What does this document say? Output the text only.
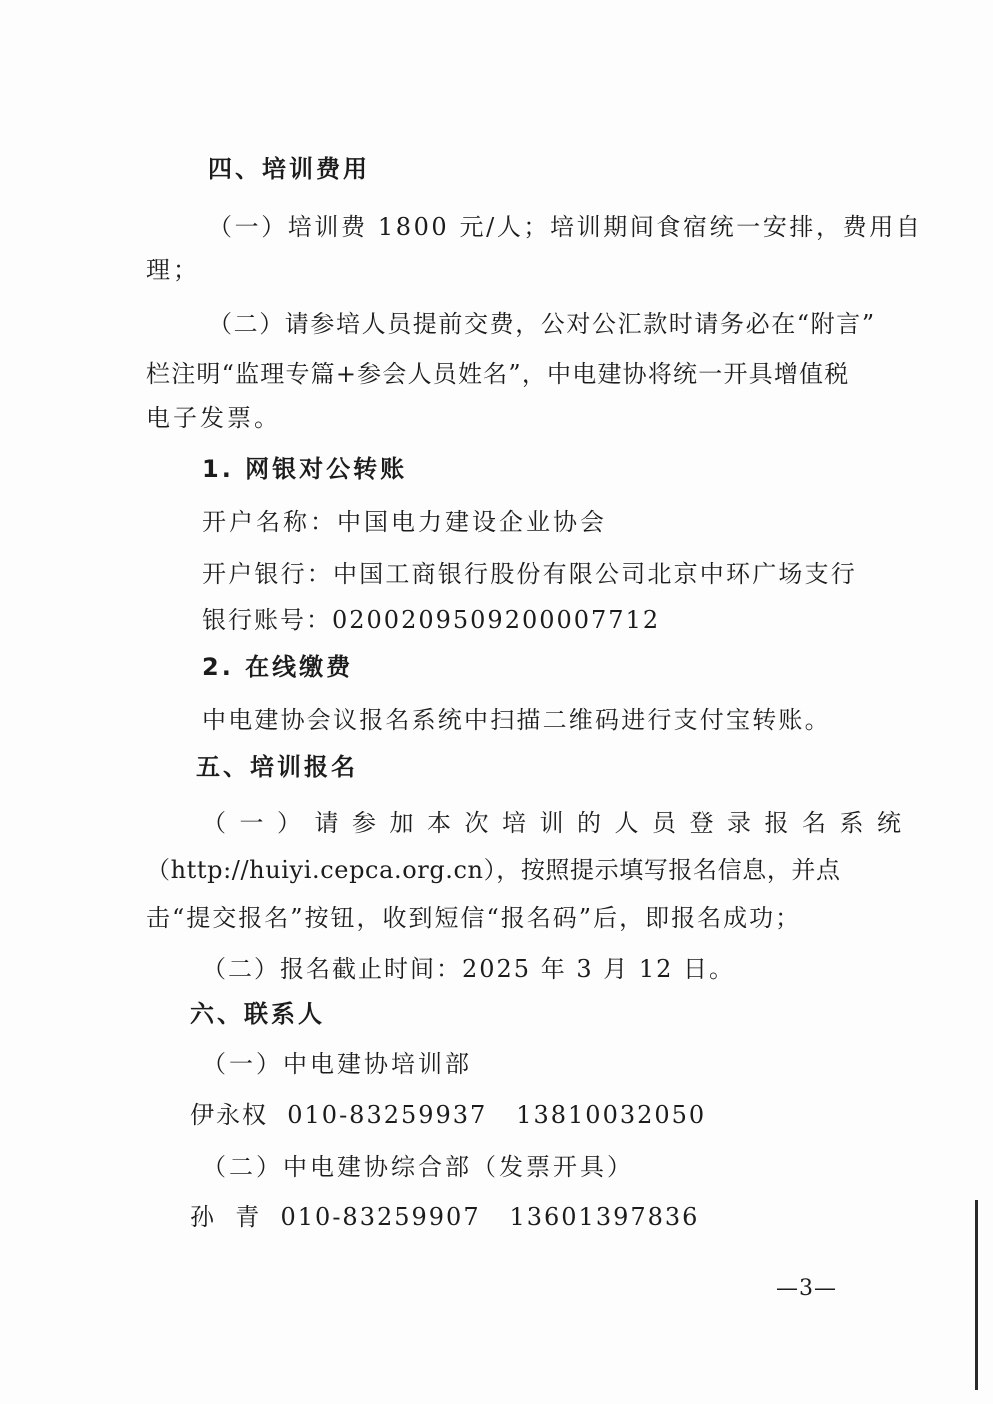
四、培训费用
（一）培训费 1800 元/人；培训期间食宿统一安排，费用自
理；
（二）请参培人员提前交费，公对公汇款时请务必在“附言”
栏注明“监理专篇+参会人员姓名”，中电建协将统一开具增值税
电子发票。
1. 网银对公转账
开户名称：中国电力建设企业协会
开户银行：中国工商银行股份有限公司北京中环广场支行
银行账号：0200209509200007712
2. 在线缴费
中电建协会议报名系统中扫描二维码进行支付宝转账。
五、培训报名
（一）请参加本次培训的人员登录报名系统
（http://huiyi.cepca.org.cn），按照提示填写报名信息，并点
击“提交报名”按钮，收到短信“报名码”后，即报名成功；
（二）报名截止时间：2025 年 3 月 12 日。
六、联系人
（一）中电建协培训部
伊永权  010-83259937   13810032050
（二）中电建协综合部（发票开具）
孙  青  010-83259907   13601397836
—3—
